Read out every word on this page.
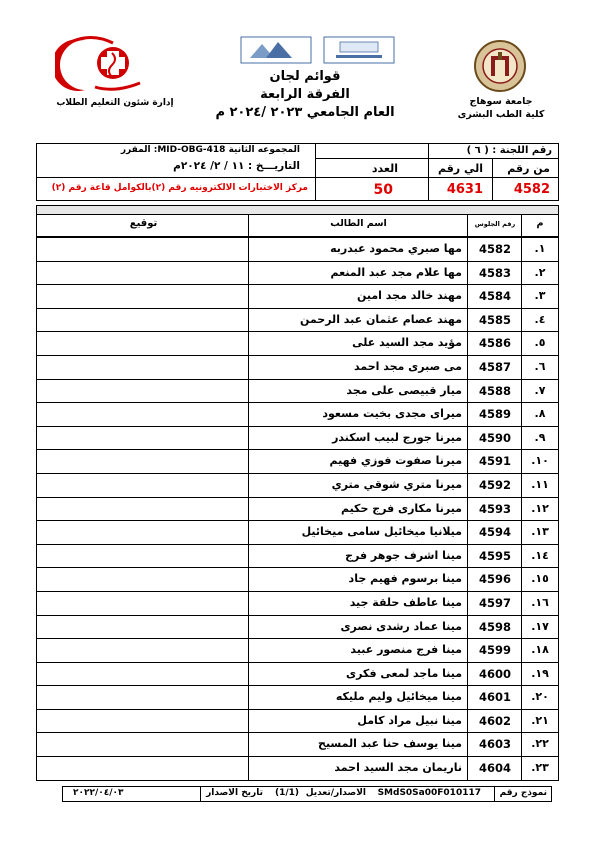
جامعة سوهاج
كلية الطب البشرى
قوائم لجان
الفرقة الرابعة
العام الجامعي ٢٠٢٣ /٢٠٢٤ م
إدارة شئون التعليم الطلاب
رقم اللجنة : ( ٦ )
من رقم
الي رقم
العدد
4582
4631
50
المقرر :MID-OBG-418 المجموعه الثانية
التاريـــخ : ١١ / ٢/ ٢٠٢٤م
مركز الاختبارات الالكترونيه رقم (٢)بالكوامل قاعة رقم (٢)
م
رقم الجلوس
اسم الطالب
توقيع
.١
4582
مها صبري محمود عبدربه
.٢
4583
مها علام مجد عبد المنعم
.٣
4584
مهند خالد مجد امين
.٤
4585
مهند عصام عثمان عبد الرحمن
.٥
4586
مؤيد مجد السيد على
.٦
4587
مى صبرى مجد احمد
.٧
4588
ميار قبيصى على مجد
.٨
4589
ميرای مجدى بخيت مسعود
.٩
4590
ميرنا جورج لبيب اسكندر
.١٠
4591
ميرنا صفوت فوزي فهيم
.١١
4592
ميرنا متري شوقي متري
.١٢
4593
ميرنا مكارى فرج حكيم
.١٣
4594
ميلانيا ميخائيل سامى ميخائيل
.١٤
4595
مينا اشرف جوهر فرج
.١٥
4596
مينا برسوم فهيم جاد
.١٦
4597
مينا عاطف حلقة جيد
.١٧
4598
مينا عماد رشدى نصرى
.١٨
4599
مينا فرج منصور عبيد
.١٩
4600
مينا ماجد لمعى فكرى
.٢٠
4601
مينا ميخائيل وليم مليكه
.٢١
4602
مينا نبيل مراد كامل
.٢٢
4603
مينا يوسف حنا عبد المسيح
.٢٣
4604
ناريمان مجد السيد احمد
نموذج رقم
SMdS0Sa00F010117
الاصدار/تعديل
(1/1)
تاريخ الاصدار
٢٠٢٢/٠٤/٠٣
